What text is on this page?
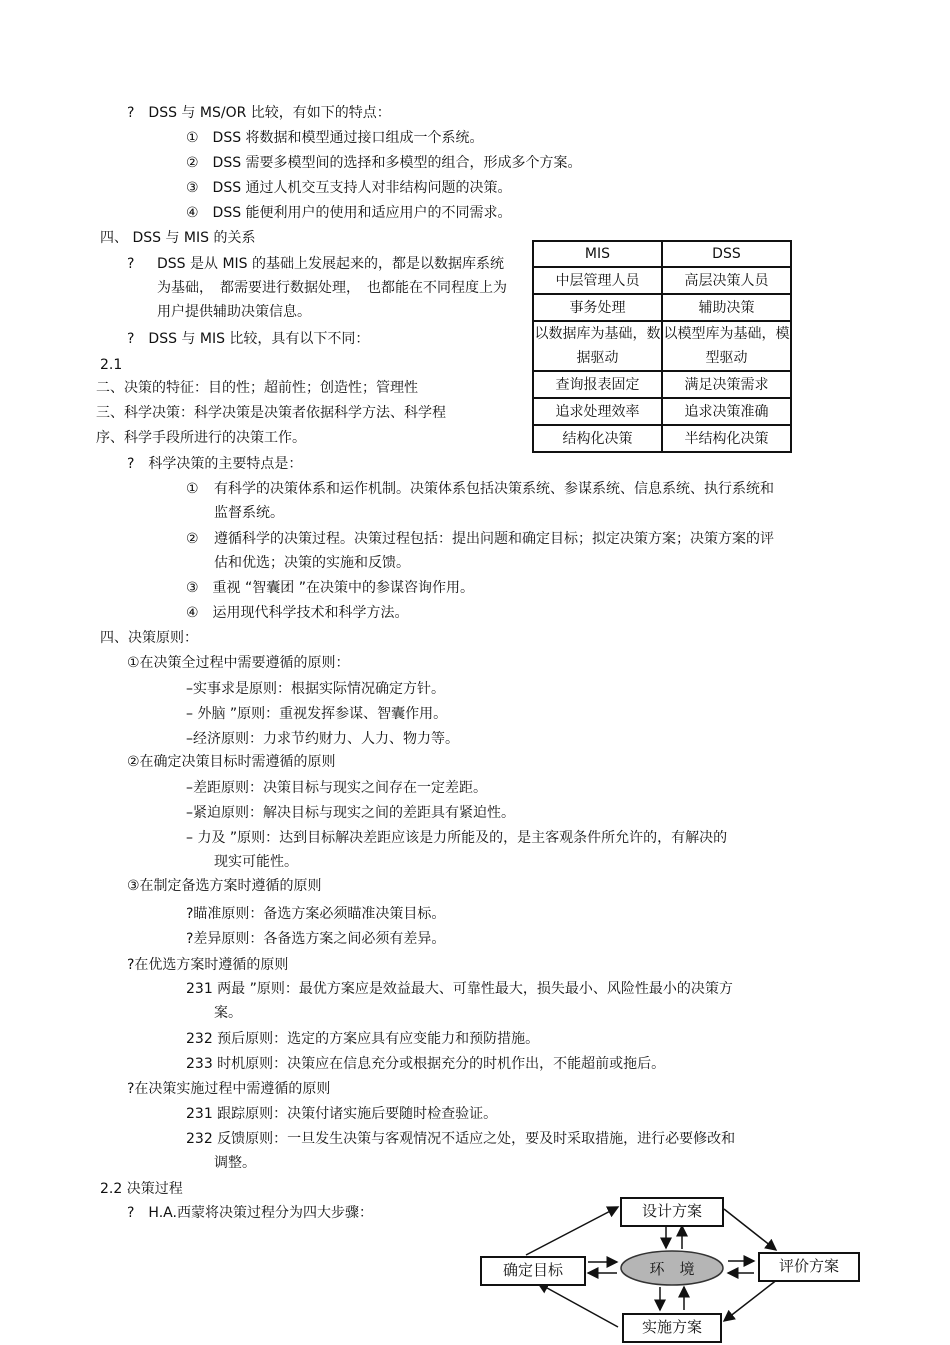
?　DSS 与 MS/OR 比较，有如下的特点：
①　DSS 将数据和模型通过接口组成一个系统。
②　DSS 需要多模型间的选择和多模型的组合，形成多个方案。
③　DSS 通过人机交互支持人对非结构问题的决策。
④　DSS 能便利用户的使用和适应用户的不同需求。
四、 DSS 与 MIS 的关系
? DSS 是从 MIS 的基础上发展起来的，都是以数据库系统为基础，　都需要进行数据处理，　也都能在不同程度上为用户提供辅助决策信息。
?　DSS 与 MIS 比较，具有以下不同：
MIS	DSS
中层管理人员	高层决策人员
事务处理	辅助决策
以数据库为基础，数据驱动	以模型库为基础，模型驱动
查询报表固定	满足决策需求
追求处理效率	追求决策准确
结构化决策	半结构化决策
2.1
二、决策的特征：目的性；超前性；创造性；管理性
三、科学决策：科学决策是决策者依据科学方法、科学程
序、科学手段所进行的决策工作。
?　科学决策的主要特点是：
① 有科学的决策体系和运作机制。决策体系包括决策系统、参谋系统、信息系统、执行系统和监督系统。
② 遵循科学的决策过程。决策过程包括：提出问题和确定目标；拟定决策方案；决策方案的评估和优选；决策的实施和反馈。
③　重视 “智囊团 ”在决策中的参谋咨询作用。
④　运用现代科学技术和科学方法。
四、决策原则：
①在决策全过程中需要遵循的原则：
–实事求是原则：根据实际情况确定方针。
– 外脑 ”原则：重视发挥参谋、智囊作用。
–经济原则：力求节约财力、人力、物力等。
②在确定决策目标时需遵循的原则
–差距原则：决策目标与现实之间存在一定差距。
–紧迫原则：解决目标与现实之间的差距具有紧迫性。
– 力及 ”原则：达到目标解决差距应该是力所能及的，是主客观条件所允许的，有解决的
现实可能性。
③在制定备选方案时遵循的原则
?瞄准原则：备选方案必须瞄准决策目标。
?差异原则：各备选方案之间必须有差异。
?在优选方案时遵循的原则
231 两最 ”原则：最优方案应是效益最大、可靠性最大，损失最小、风险性最小的决策方
案。
232 预后原则：选定的方案应具有应变能力和预防措施。
233 时机原则：决策应在信息充分或根据充分的时机作出，不能超前或拖后。
?在决策实施过程中需遵循的原则
231 跟踪原则：决策付诸实施后要随时检查验证。
232 反馈原则：一旦发生决策与客观情况不适应之处，要及时采取措施，进行必要修改和
调整。
2.2 决策过程
?　H.A.西蒙将决策过程分为四大步骤：	设计方案
确定目标	环　境	评价方案
实施方案
